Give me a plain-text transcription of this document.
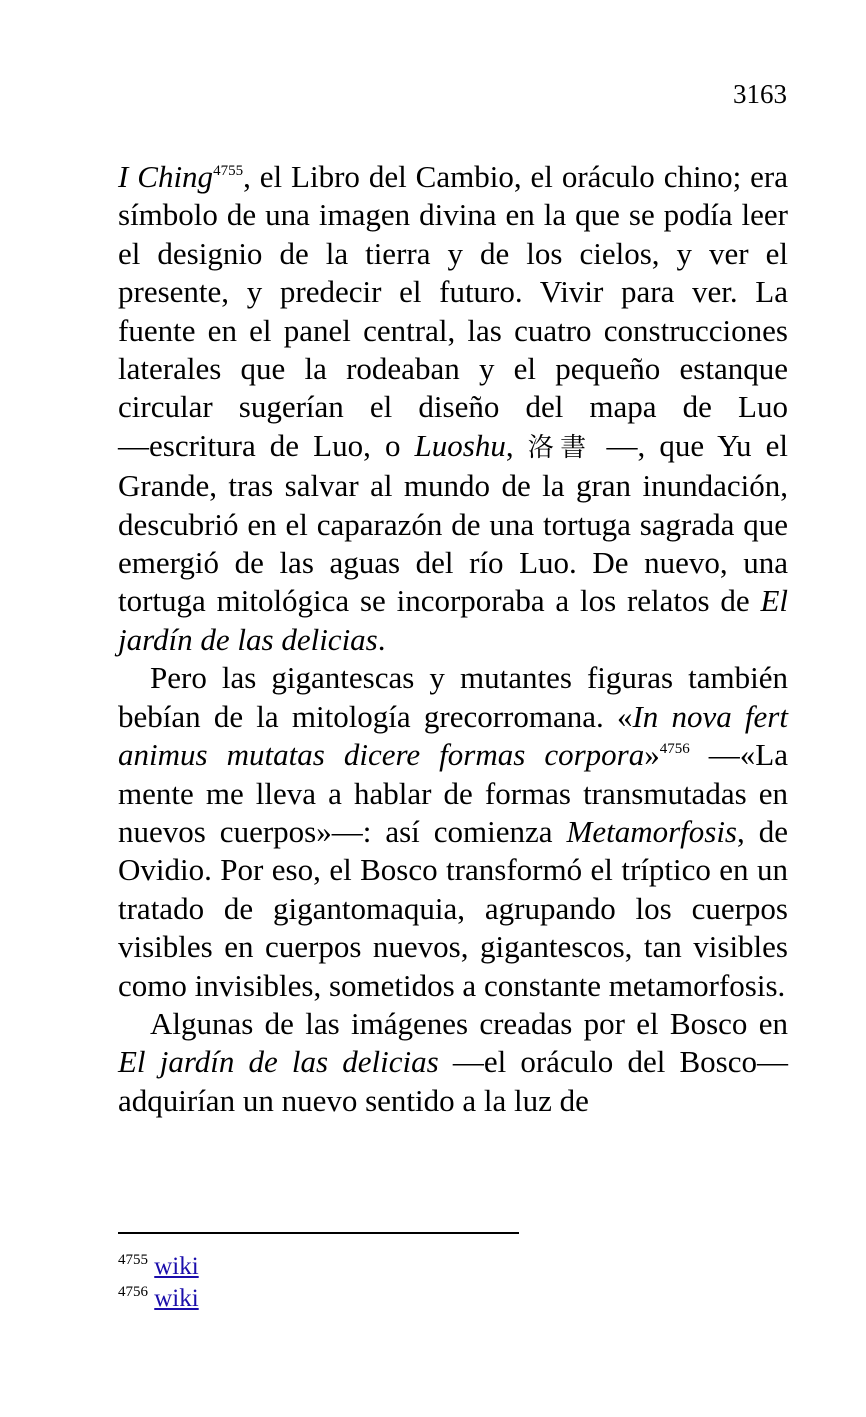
3163

I Ching$^{4755}$, el Libro del Cambio, el oráculo chino; era símbolo de una imagen divina en la que se podía leer el designio de la tierra y de los cielos, y ver el presente, y predecir el futuro. Vivir para ver. La fuente en el panel central, las cuatro construcciones laterales que la rodeaban y el pequeño estanque circular sugerían el diseño del mapa de Luo ―escritura de Luo, o Luoshu, 洛書 ―, que Yu el Grande, tras salvar al mundo de la gran inundación, descubrió en el caparazón de una tortuga sagrada que emergió de las aguas del río Luo. De nuevo, una tortuga mitológica se incorporaba a los relatos de El jardín de las delicias.

Pero las gigantescas y mutantes figuras también bebían de la mitología grecorromana. «In nova fert animus mutatas dicere formas corpora»$^{4756}$ ―«La mente me lleva a hablar de formas transmutadas en nuevos cuerpos»―: así comienza Metamorfosis, de Ovidio. Por eso, el Bosco transformó el tríptico en un tratado de gigantomaquia, agrupando los cuerpos visibles en cuerpos nuevos, gigantescos, tan visibles como invisibles, sometidos a constante metamorfosis.

Algunas de las imágenes creadas por el Bosco en El jardín de las delicias ―el oráculo del Bosco― adquirían un nuevo sentido a la luz de

$^{4755}$ wiki
$^{4756}$ wiki
